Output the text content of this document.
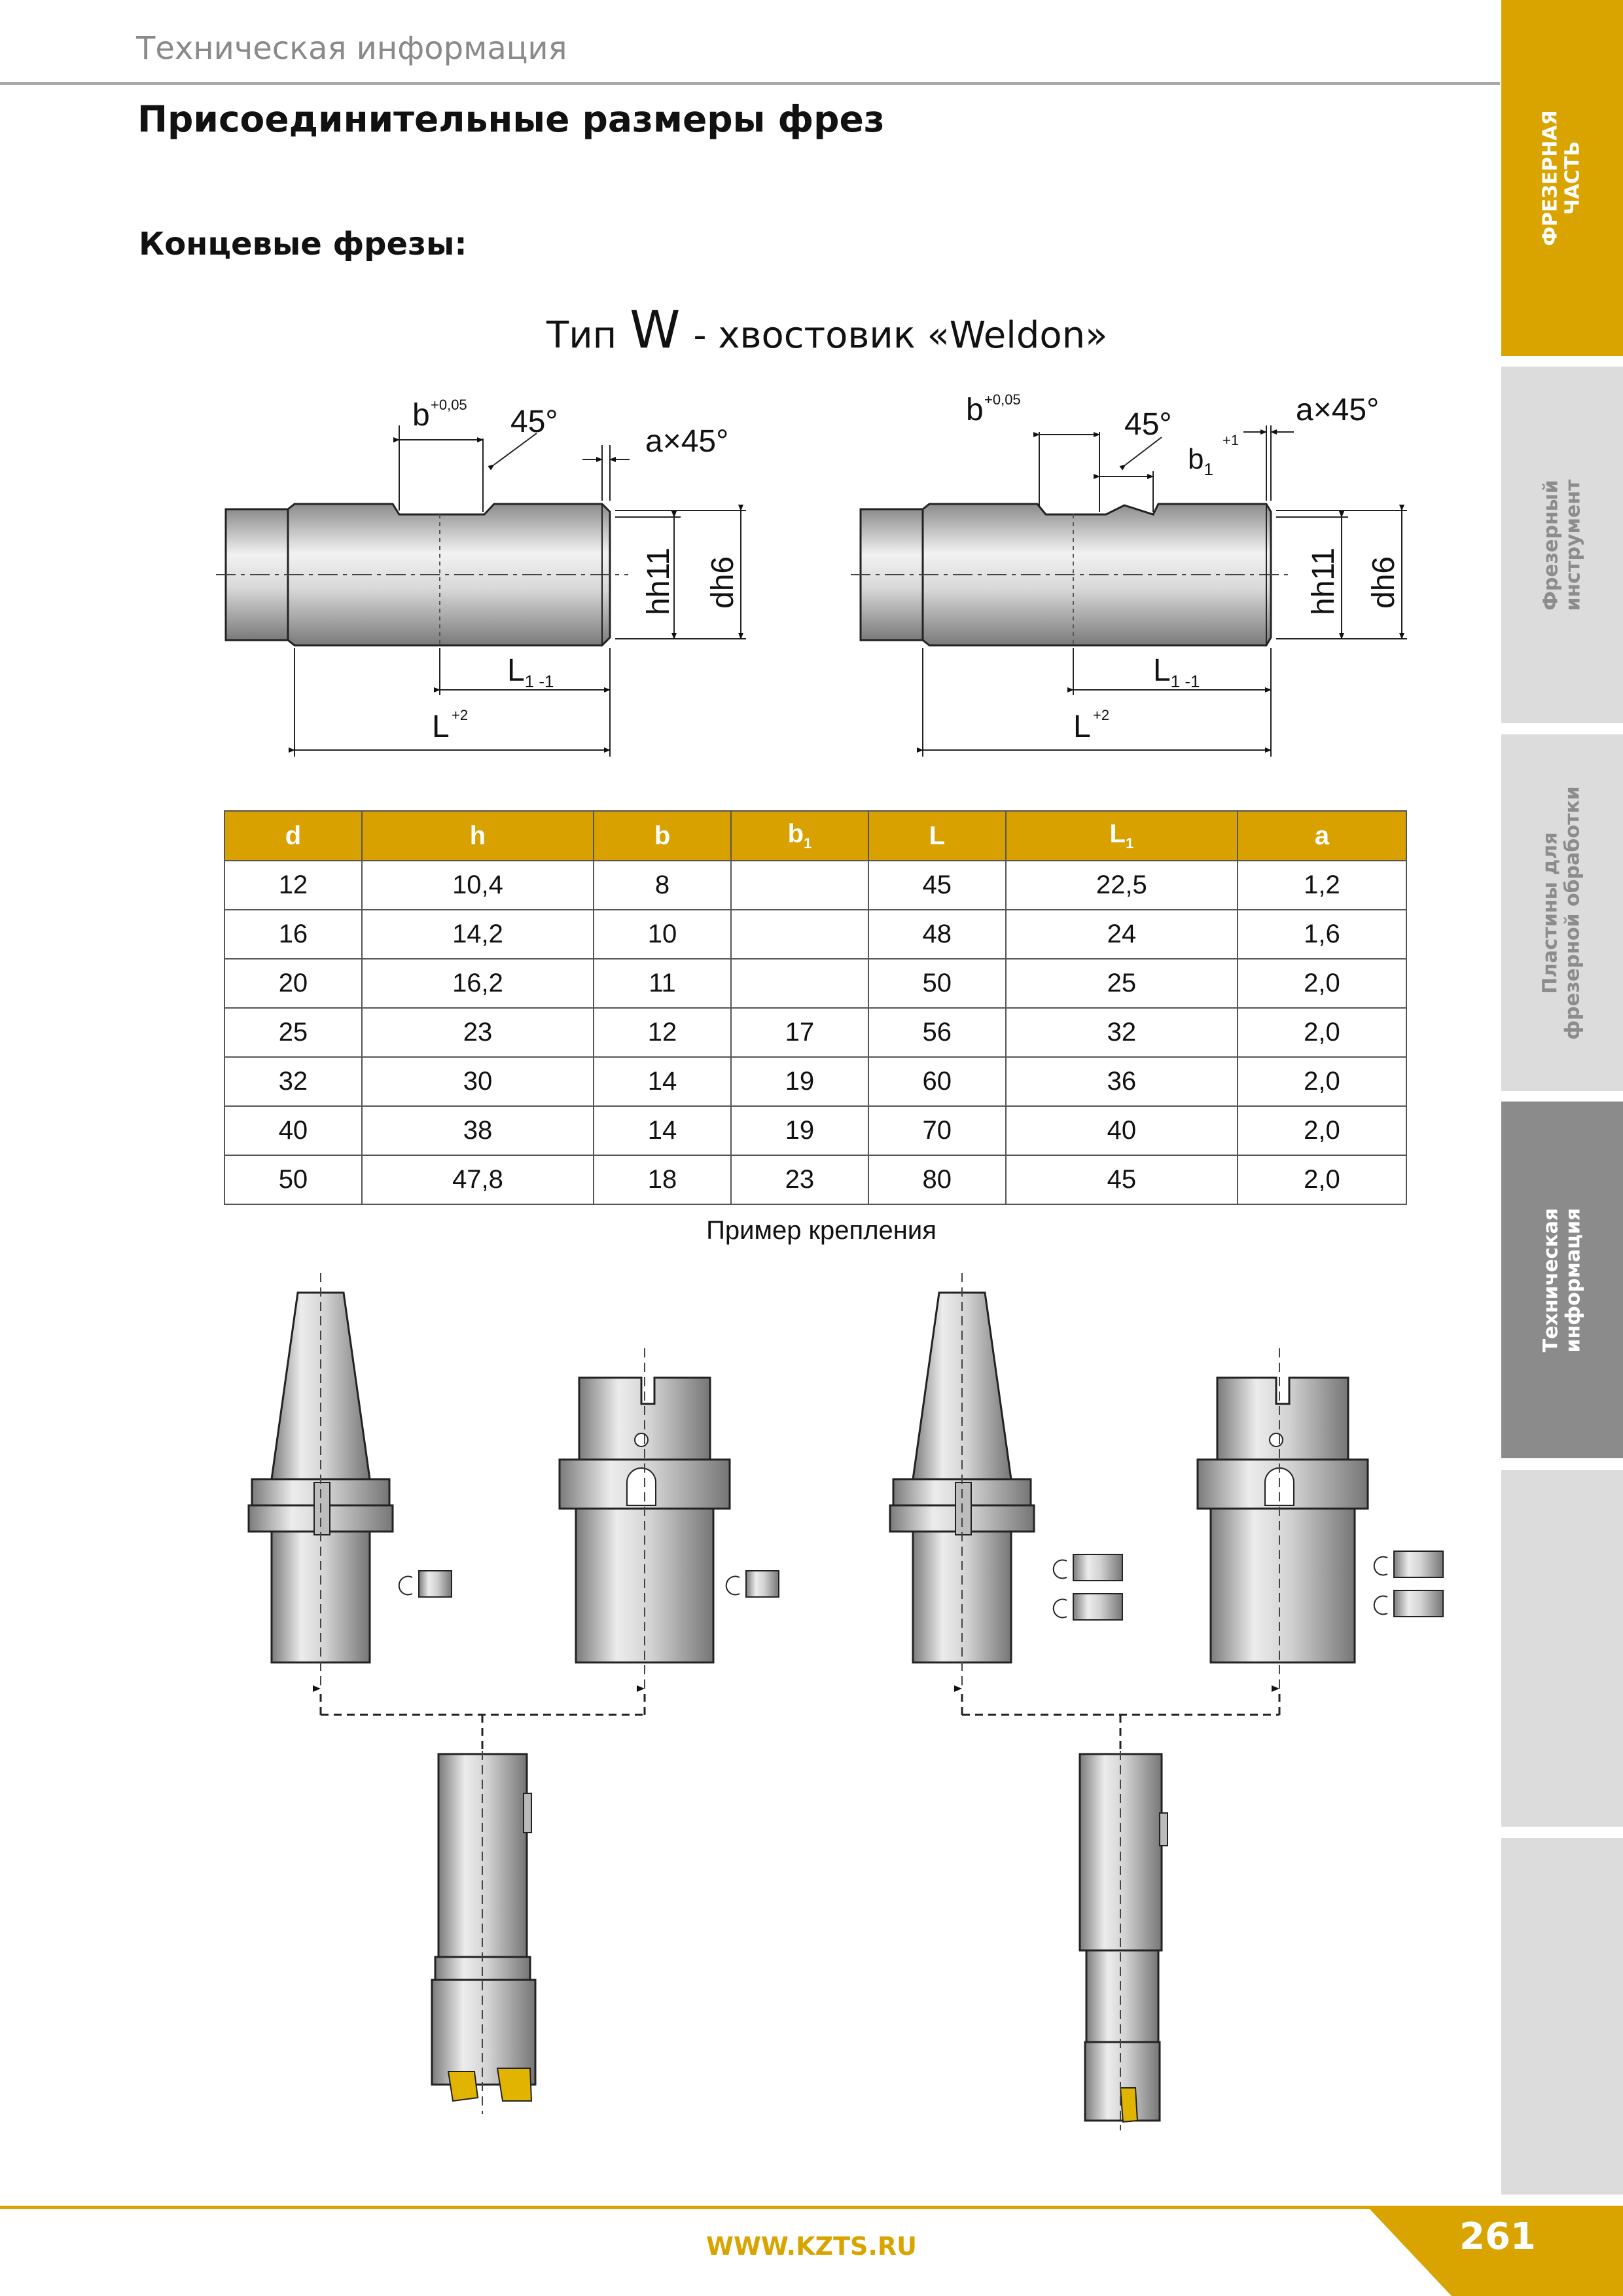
Техническая информация
Присоединительные размеры фрез
Концевые фрезы:
Тип W - хвостовик «Weldon»
ФРЕЗЕРНАЯ ЧАСТЬ
Фрезерный инструмент
Пластины для фрезерной обработки
Техническая информация
b +0,05 45°
a×45°
hh11 dh6
$L_{1 -1}$
L +2
b +0,05
45°
$b_1$
+1
a×45°
hh11 dh6
$L_{1 -1}$
L +2
d	h	b	$b_1$	L	$L_1$	a
12	10,4	8		45	22,5	1,2
16	14,2	10		48	24	1,6
20	16,2	11		50	25	2,0
25	23	12	17	56	32	2,0
32	30	14	19	60	36	2,0
40	38	14	19	70	40	2,0
50	47,8	18	23	80	45	2,0
Пример крепления
WWW.KZTS.RU	261
